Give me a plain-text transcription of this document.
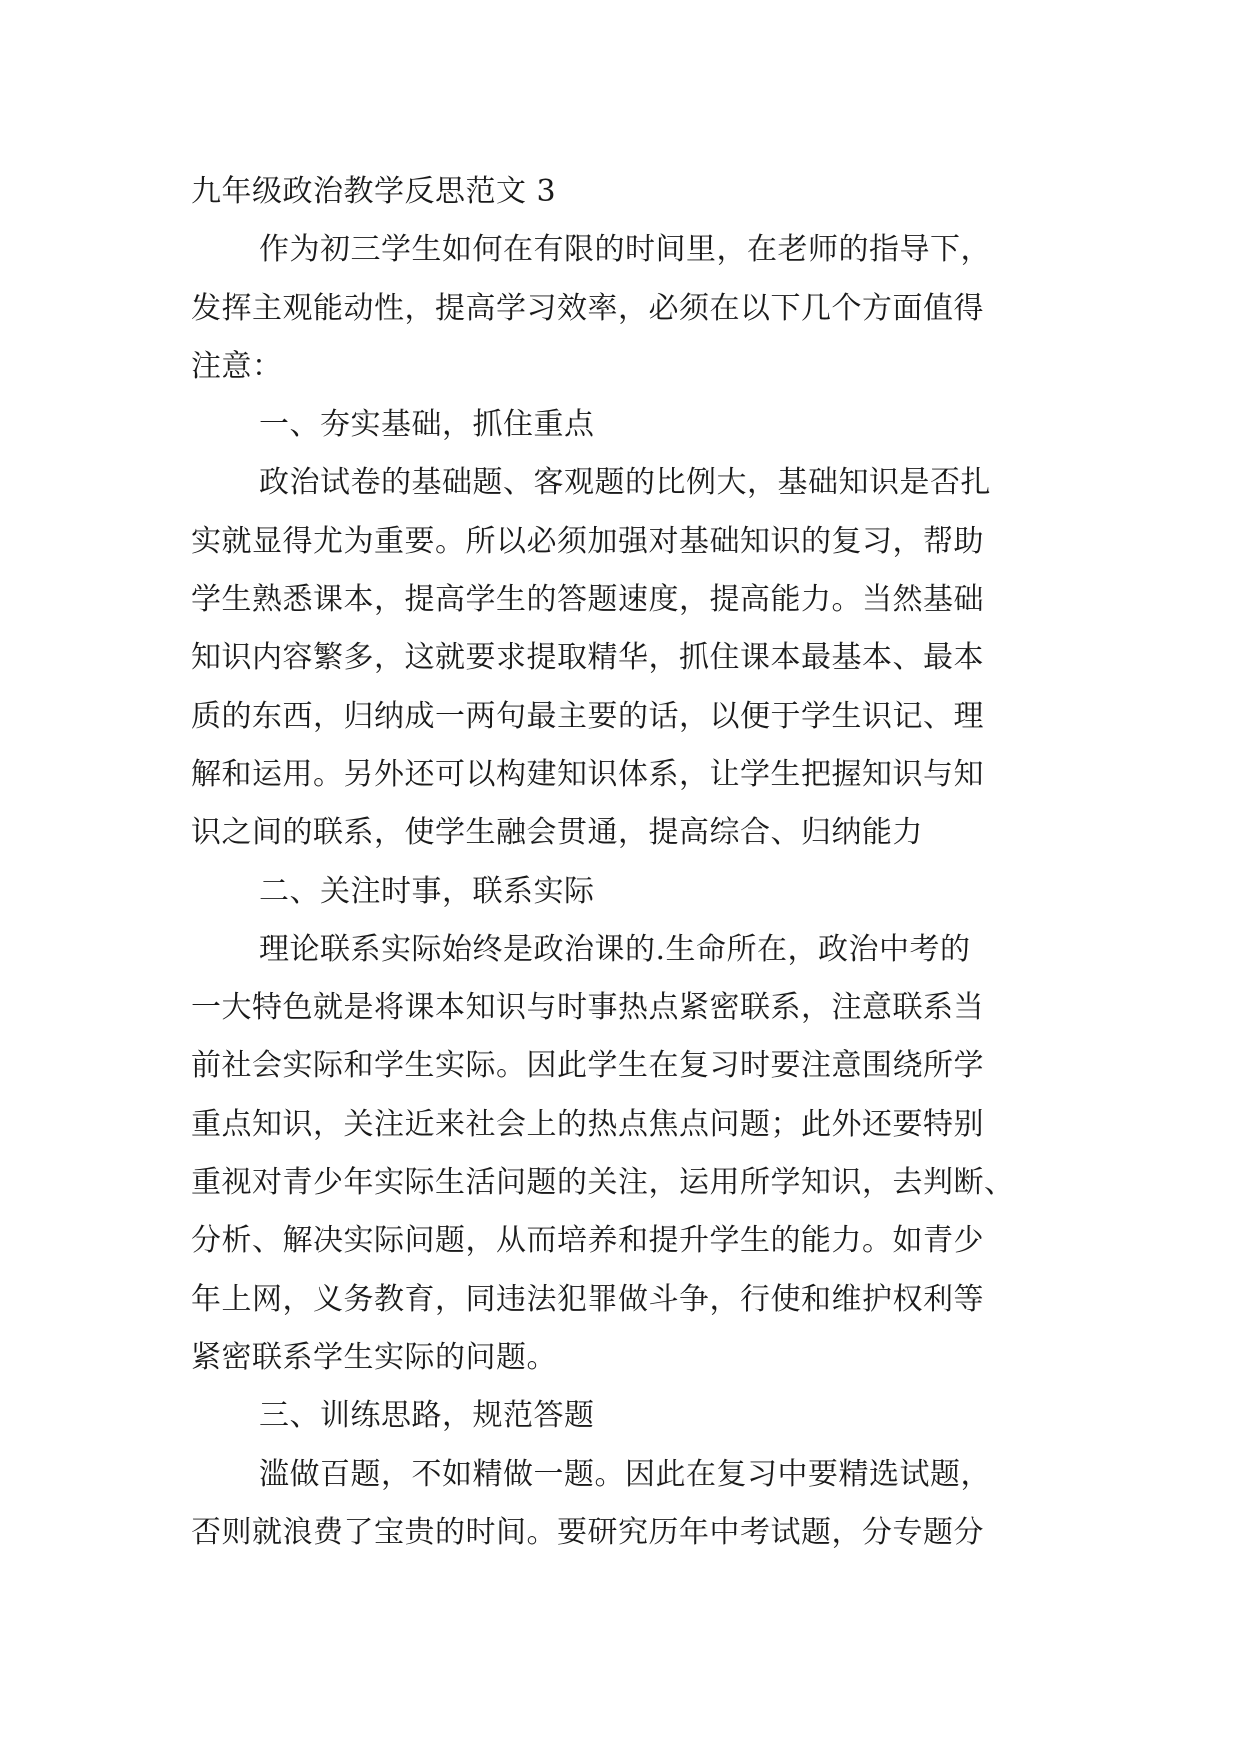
九年级政治教学反思范文 3
作为初三学生如何在有限的时间里，在老师的指导下，
发挥主观能动性，提高学习效率，必须在以下几个方面值得
注意：
一、夯实基础，抓住重点
政治试卷的基础题、客观题的比例大，基础知识是否扎
实就显得尤为重要。所以必须加强对基础知识的复习，帮助
学生熟悉课本，提高学生的答题速度，提高能力。当然基础
知识内容繁多，这就要求提取精华，抓住课本最基本、最本
质的东西，归纳成一两句最主要的话，以便于学生识记、理
解和运用。另外还可以构建知识体系，让学生把握知识与知
识之间的联系，使学生融会贯通，提高综合、归纳能力
二、关注时事，联系实际
理论联系实际始终是政治课的.生命所在，政治中考的
一大特色就是将课本知识与时事热点紧密联系，注意联系当
前社会实际和学生实际。因此学生在复习时要注意围绕所学
重点知识，关注近来社会上的热点焦点问题；此外还要特别
重视对青少年实际生活问题的关注，运用所学知识，去判断、
分析、解决实际问题，从而培养和提升学生的能力。如青少
年上网，义务教育，同违法犯罪做斗争，行使和维护权利等
紧密联系学生实际的问题。
三、训练思路，规范答题
滥做百题，不如精做一题。因此在复习中要精选试题，
否则就浪费了宝贵的时间。要研究历年中考试题，分专题分
